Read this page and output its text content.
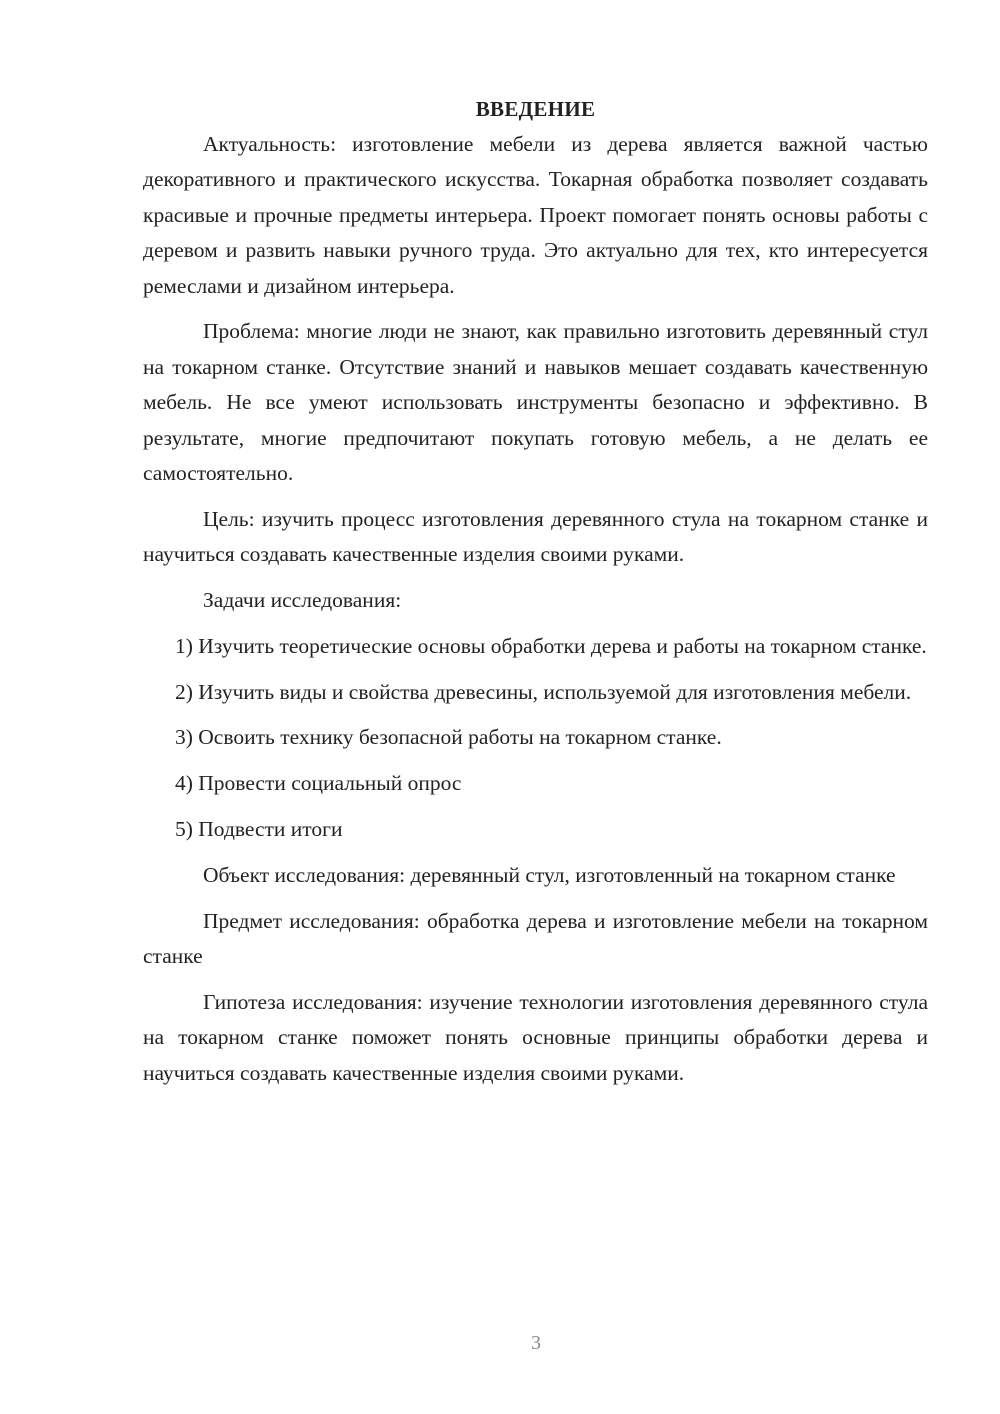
ВВЕДЕНИЕ

Актуальность: изготовление мебели из дерева является важной частью декоративного и практического искусства. Токарная обработка позволяет создавать красивые и прочные предметы интерьера. Проект помогает понять основы работы с деревом и развить навыки ручного труда. Это актуально для тех, кто интересуется ремеслами и дизайном интерьера.

Проблема: многие люди не знают, как правильно изготовить деревянный стул на токарном станке. Отсутствие знаний и навыков мешает создавать качественную мебель. Не все умеют использовать инструменты безопасно и эффективно. В результате, многие предпочитают покупать готовую мебель, а не делать ее самостоятельно.

Цель: изучить процесс изготовления деревянного стула на токарном станке и научиться создавать качественные изделия своими руками.

Задачи исследования:

1) Изучить теоретические основы обработки дерева и работы на токарном станке.

2) Изучить виды и свойства древесины, используемой для изготовления мебели.

3) Освоить технику безопасной работы на токарном станке.

4) Провести социальный опрос

5) Подвести итоги

Объект исследования: деревянный стул, изготовленный на токарном станке

Предмет исследования: обработка дерева и изготовление мебели на токарном станке

Гипотеза исследования: изучение технологии изготовления деревянного стула на токарном станке поможет понять основные принципы обработки дерева и научиться создавать качественные изделия своими руками.

3
